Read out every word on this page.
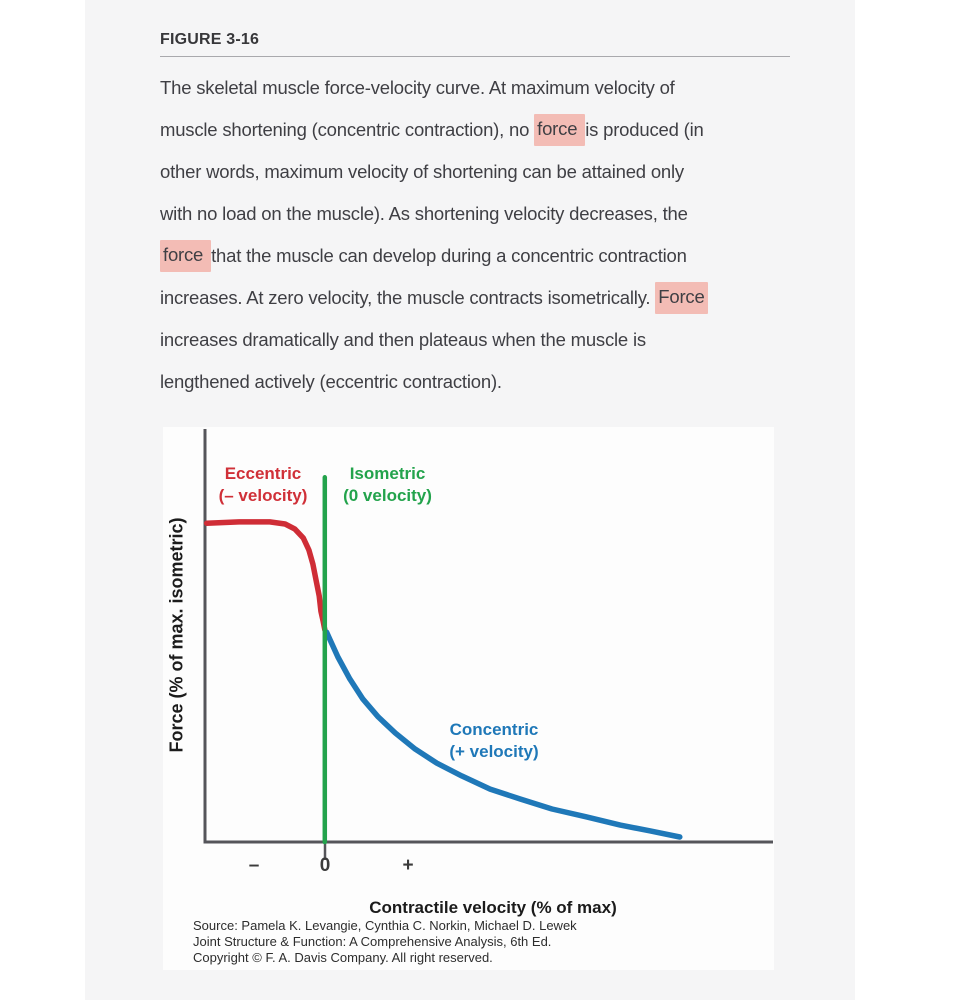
FIGURE 3-16
The skeletal muscle force-velocity curve. At maximum velocity of
muscle shortening (concentric contraction), no force is produced (in
other words, maximum velocity of shortening can be attained only
with no load on the muscle). As shortening velocity decreases, the
force that the muscle can develop during a concentric contraction
increases. At zero velocity, the muscle contracts isometrically. Force
increases dramatically and then plateaus when the muscle is
lengthened actively (eccentric contraction).
Eccentric
(– velocity)
Isometric
(0 velocity)
Concentric
(+ velocity)
Force (% of max. isometric)
–	0	+
Contractile velocity (% of max)
Source: Pamela K. Levangie, Cynthia C. Norkin, Michael D. Lewek
Joint Structure & Function: A Comprehensive Analysis, 6th Ed.
Copyright © F. A. Davis Company. All right reserved.
